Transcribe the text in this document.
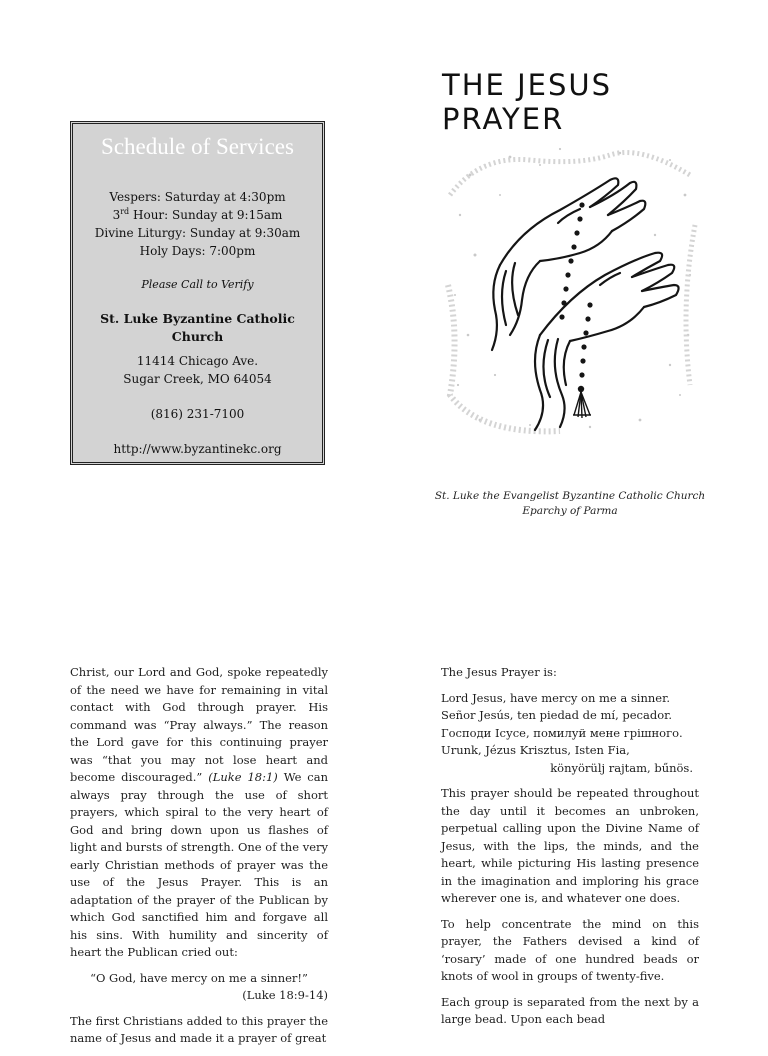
THE JESUS PRAYER
Schedule of Services
Vespers: Saturday at 4:30pm
3rd Hour: Sunday at 9:15am
Divine Liturgy: Sunday at 9:30am
Holy Days: 7:00pm
Please Call to Verify
St. Luke Byzantine Catholic Church
11414 Chicago Ave.
Sugar Creek, MO 64054
(816) 231-7100
http://www.byzantinekc.org
St. Luke the Evangelist Byzantine Catholic Church
Eparchy of Parma

Christ, our Lord and God, spoke repeatedly of the need we have for remaining in vital contact with God through prayer. His command was “Pray always.” The reason the Lord gave for this continuing prayer was “that you may not lose heart and become discouraged.” (Luke 18:1) We can always pray through the use of short prayers, which spiral to the very heart of God and bring down upon us flashes of light and bursts of strength. One of the very early Christian methods of prayer was the use of the Jesus Prayer. This is an adaptation of the prayer of the Publican by which God sanctified him and forgave all his sins. With humility and sincerity of heart the Publican cried out:

“O God, have mercy on me a sinner!”
(Luke 18:9-14)

The first Christians added to this prayer the name of Jesus and made it a prayer of great

The Jesus Prayer is:

Lord Jesus, have mercy on me a sinner.
Señor Jesús, ten piedad de mí, pecador.
Господи Ісусе, помилуй мене грішного.
Urunk, Jézus Krisztus, Isten Fia,
könyörülj rajtam, bűnös.

This prayer should be repeated throughout the day until it becomes an unbroken, perpetual calling upon the Divine Name of Jesus, with the lips, the minds, and the heart, while picturing His lasting presence in the imagination and imploring his grace wherever one is, and whatever one does.

To help concentrate the mind on this prayer, the Fathers devised a kind of ‘rosary’ made of one hundred beads or knots of wool in groups of twenty-five.

Each group is separated from the next by a large bead. Upon each bead
